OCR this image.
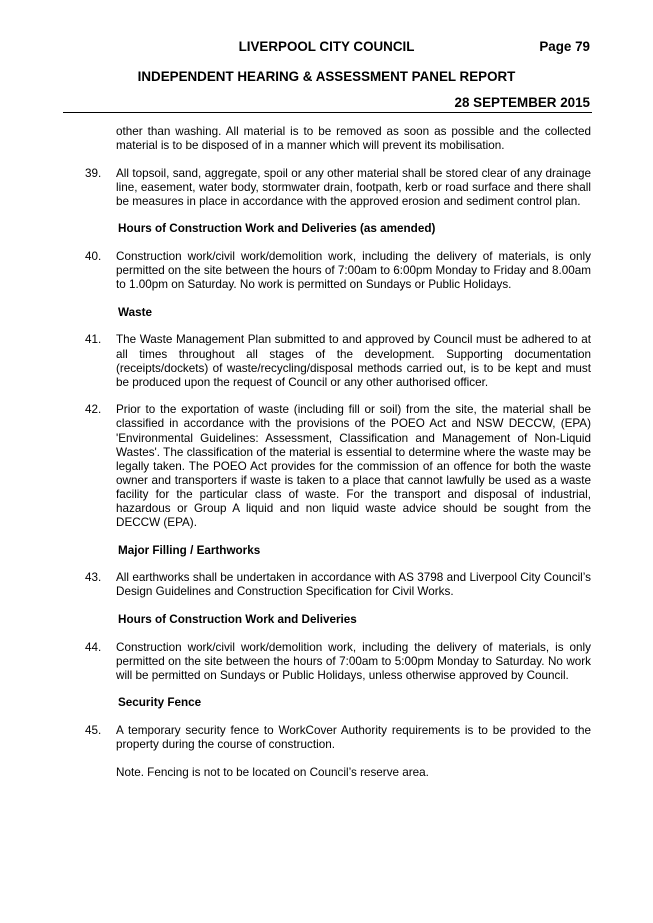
LIVERPOOL CITY COUNCIL	Page 79
INDEPENDENT HEARING & ASSESSMENT PANEL REPORT
28 SEPTEMBER 2015

other than washing. All material is to be removed as soon as possible and the collected material is to be disposed of in a manner which will prevent its mobilisation.

39.	All topsoil, sand, aggregate, spoil or any other material shall be stored clear of any drainage line, easement, water body, stormwater drain, footpath, kerb or road surface and there shall be measures in place in accordance with the approved erosion and sediment control plan.
Hours of Construction Work and Deliveries (as amended)
40.	Construction work/civil work/demolition work, including the delivery of materials, is only permitted on the site between the hours of 7:00am to 6:00pm Monday to Friday and 8.00am to 1.00pm on Saturday. No work is permitted on Sundays or Public Holidays.
Waste
41.	The Waste Management Plan submitted to and approved by Council must be adhered to at all times throughout all stages of the development. Supporting documentation (receipts/dockets) of waste/recycling/disposal methods carried out, is to be kept and must be produced upon the request of Council or any other authorised officer.
42.	Prior to the exportation of waste (including fill or soil) from the site, the material shall be classified in accordance with the provisions of the POEO Act and NSW DECCW, (EPA) 'Environmental Guidelines: Assessment, Classification and Management of Non-Liquid Wastes'. The classification of the material is essential to determine where the waste may be legally taken. The POEO Act provides for the commission of an offence for both the waste owner and transporters if waste is taken to a place that cannot lawfully be used as a waste facility for the particular class of waste. For the transport and disposal of industrial, hazardous or Group A liquid and non liquid waste advice should be sought from the DECCW (EPA).
Major Filling / Earthworks
43.	All earthworks shall be undertaken in accordance with AS 3798 and Liverpool City Council’s Design Guidelines and Construction Specification for Civil Works.
Hours of Construction Work and Deliveries
44.	Construction work/civil work/demolition work, including the delivery of materials, is only permitted on the site between the hours of 7:00am to 5:00pm Monday to Saturday. No work will be permitted on Sundays or Public Holidays, unless otherwise approved by Council.
Security Fence
45.	A temporary security fence to WorkCover Authority requirements is to be provided to the property during the course of construction.

Note. Fencing is not to be located on Council’s reserve area.
